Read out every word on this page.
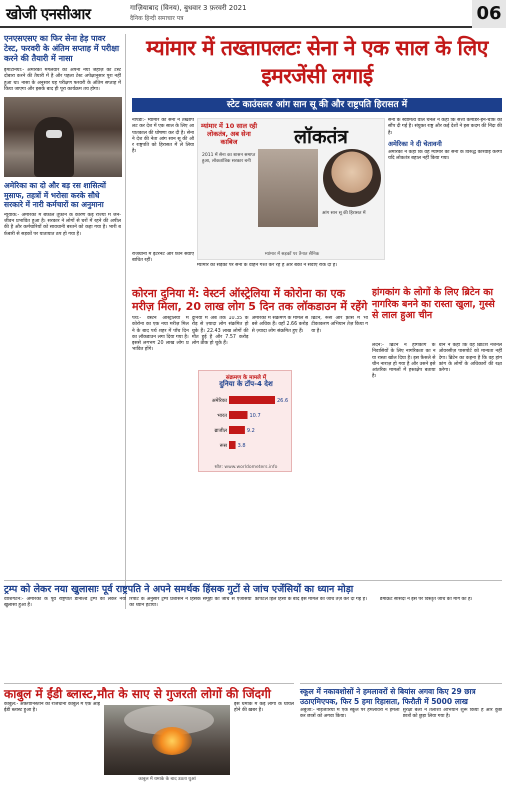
खोजी एनसीआर	गाज़ियाबाद (विनय), बुधवार 3 फ़रवरी 2021
दैनिक हिन्दी समाचार पत्र	06
एनएसएसए का फिर सेना हेड़ पावर टेस्ट, फरवरी के अंतिम सप्ताह में परीक्षा करने की तैयारी में नासा

इमेंटिनिया:- अमेरिका मंगलवार को अपना नया जहाज़ का टेस्ट दोबारा करने की तैयारी में है और पहला टेस्ट अपेक्षानुसार पूरा नहीं हुआ था। नासा के अनुसार यह परीक्षण फरवरी के अंतिम सप्ताह में किया जाएगा और इसके बाद ही पूरा कार्यक्रम तय होगा।

अमेरिका का दो और बड़ रस शासित्यों मुसाफ, तहत्रों में भरोसा करके सौधे सरकारे में नारी कर्मचारों का अनुमाना

न्यूयॉर्क:- अमेरिका में बर्फ़ीले तूफ़ान के कारण कई राज्यों में जन-जीवन प्रभावित हुआ है। सरकार ने लोगों से घरों में रहने की अपील की है और कर्मचारियों को सावधानी बरतने को कहा गया है। भारी बर्फ़बारी से सड़कों पर यातायात ठप हो गया है।

म्यांमार में तख्तापलटः सेना ने एक साल के लिए इमरजेंसी लगाई
स्टेट काउंसलर आंग सान सू की और राष्ट्रपति हिरासत में

नेपिडॉ:- म्यांमार की सेना ने तख्तापलट कर देश में एक साल के लिए आपातकाल की घोषणा कर दी है। सेना ने देश की नेता आंग सान सू की और राष्ट्रपति को हिरासत में ले लिया है।

म्यांमार में 10 साल रही लोकतंत्र, अब सेना काबिज	लॉकतंत्र
2011 में सेना का शासन समाप्त हुआ, लोकतांत्रिक सरकार बनी
आंग सान सू की हिरासत में
म्यांमार में सड़कों पर तैनात सैनिक

सेना के स्वामित्व वाले चैनल ने कहा कि सत्ता कमांडर-इन-चीफ़ को सौंप दी गई है। संयुक्त राष्ट्र और कई देशों ने इस कदम की निंदा की है।

अमेरिका ने दी चेतावनी

अमेरिका ने कहा कि वह म्यांमार की सेना के विरुद्ध कार्रवाई करेगा यदि लोकतंत्र बहाल नहीं किया गया।

राजधानी में इंटरनेट और फ़ोन सेवाएं बाधित रहीं।

म्यांमार की सड़कों पर सेना के वाहन गश्त कर रहे हैं और बैंकों ने सेवाएं रोक दी हैं।

कोरना दुनिया में: वेस्टर्न ऑस्ट्रेलिया में कोरोना का एक मरीज़ मिला, 20 लाख लोग 5 दिन तक लॉकडाउन में रहेंगे

पर्थ:- वेस्टर्न ऑस्ट्रेलिया में कोरोना का एक नया मरीज़ मिलने के बाद पर्थ शहर में पाँच दिन का लॉकडाउन लगा दिया गया है। इससे लगभग 20 लाख लोग प्रभावित होंगे।

दुनिया में अब तक 10.35 करोड़ से ज़्यादा लोग संक्रमित हो चुके हैं। 22.43 लाख लोगों की मौत हुई है और 7.57 करोड़ लोग ठीक हो चुके हैं।

अमेरिका में संक्रमण के मामले सबसे अधिक हैं। वहाँ 2.66 करोड़ से ज़्यादा लोग संक्रमित हुए हैं।

ब्रिटेन, रूस और फ़्रांस में भी टीकाकरण अभियान तेज़ किया गया है।

संक्रमण के मामले में
दुनिया के टॉप-4 देश
अमेरिका	26.6
भारत	10.7
ब्राजील	9.2
रूस 3.8
स्रोत: www.worldometers.info
हांगकांग के लोगों के लिए ब्रिटेन का नागरिक बनने का रास्ता खुला, गुस्से से लाल हुआ चीन

लंदन:- ब्रिटेन ने हांगकांग के निवासियों के लिए नागरिकता का नया रास्ता खोल दिया है। इस फ़ैसले से चीन नाराज़ हो गया है और उसने इसे आंतरिक मामलों में हस्तक्षेप बताया है।

चीन ने कहा कि वह ब्रिटिश नेशनल ओवरसीज़ पासपोर्ट को मान्यता नहीं देगा। ब्रिटेन का कहना है कि वह हांगकांग के लोगों के अधिकारों की रक्षा करेगा।

ट्रम्प को लेकर नया खुलासाः पूर्व राष्ट्रपति ने अपने समर्थक हिंसक गुटों से जांच एजेंसियों का ध्यान मोड़ा

वॉशिंगटन:- अमेरिका के पूर्व राष्ट्रपति डोनाल्ड ट्रम्प को लेकर नया खुलासा हुआ है।

रिपोर्ट के अनुसार ट्रम्प प्रशासन ने हिंसक समूहों की जांच से एजेंसियों का ध्यान हटाया।

कैपिटल हिल हिंसा के बाद इस मामले की जांच तेज़ कर दी गई है।	डेमोक्रेट सांसदों ने इस पर विस्तृत जांच की मांग की है।

काबुल में ईंडी ब्लास्ट,मौत के साए से गुजरती लोगों की जिंदगी

काबुल:- अफ़ग़ानिस्तान की राजधानी काबुल में एक आईईडी ब्लास्ट हुआ है।

इस धमाके में कई लोगों के घायल होने की ख़बर है।

काबुल में धमाके के बाद उठता धुआं
स्कूल में नकावशोसों ने हमलावरों से बियांस अगवा किए 29 छात्र उठाएमिएपक, फिर 5 हमा रिहासता, फिरौती में 5000 लाख

अबुजा:- नाइजीरिया में एक स्कूल पर हमलावरों ने हमला कर छात्रों को अगवा किया।

सुरक्षा बलों ने तलाशी अभियान शुरू किया है और कुछ छात्रों को छुड़ा लिया गया है।
